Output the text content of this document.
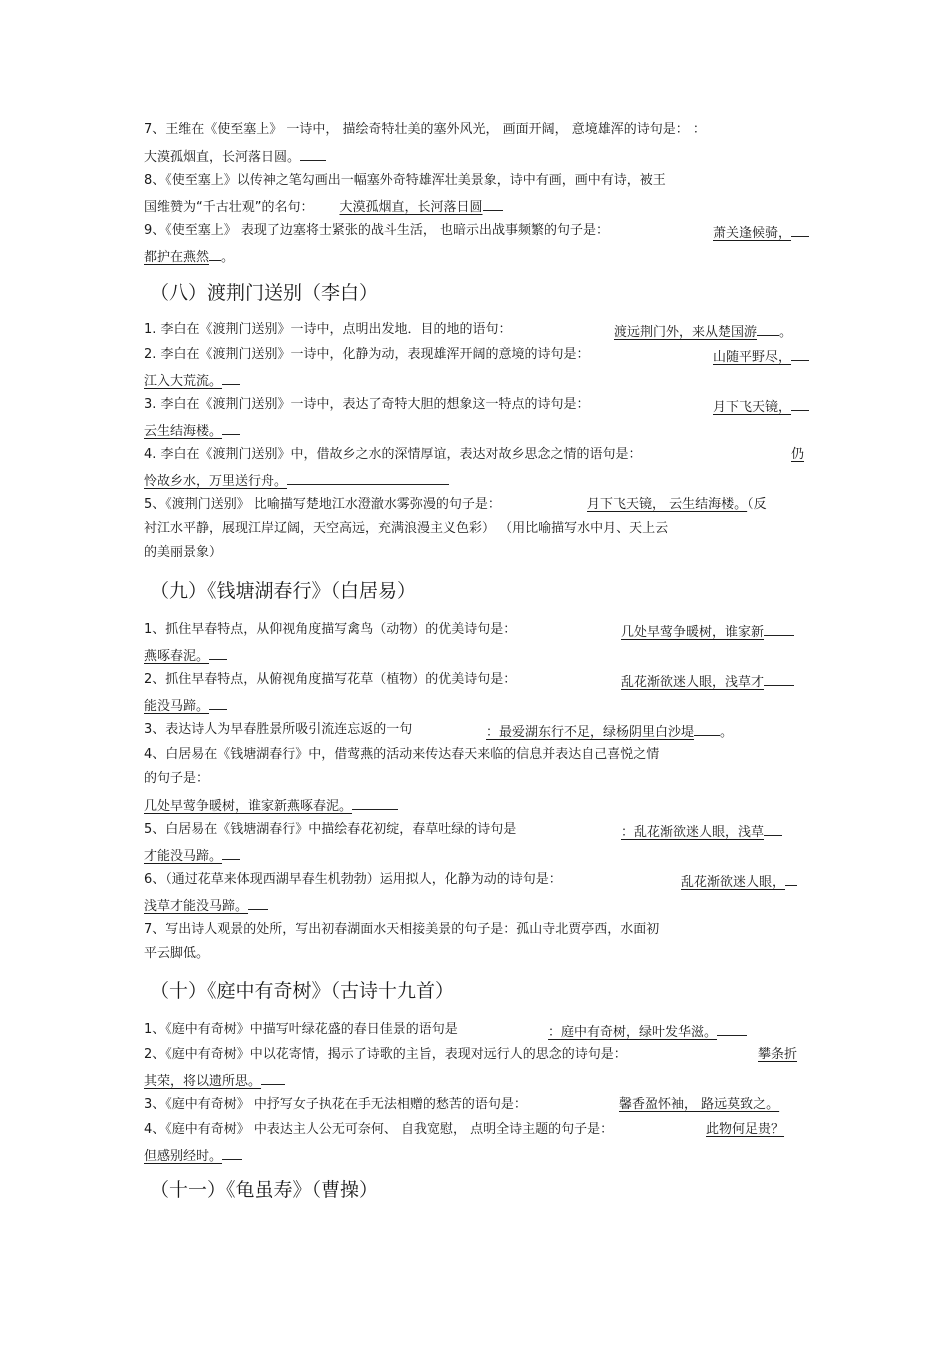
7、王维在《使至塞上》 一诗中， 描绘奇特壮美的塞外风光， 画面开阔， 意境雄浑的诗句是： ：
大漠孤烟直，长河落日圆。
8、《使至塞上》以传神之笔勾画出一幅塞外奇特雄浑壮美景象，诗中有画，画中有诗，被王
国维赞为“千古壮观”的名句： 大漠孤烟直，长河落日圆
9、《使至塞上》 表现了边塞将士紧张的战斗生活， 也暗示出战事频繁的句子是：	萧关逢候骑，
都护在燕然 。
（八）渡荆门送别（李白）
1. 李白在《渡荆门送别》一诗中，点明出发地．目的地的语句：	渡远荆门外，来从楚国游 。
2. 李白在《渡荆门送别》一诗中，化静为动，表现雄浑开阔的意境的诗句是：	山随平野尽，
江入大荒流。
3. 李白在《渡荆门送别》一诗中，表达了奇特大胆的想象这一特点的诗句是：	月下飞天镜，
云生结海楼。
4. 李白在《渡荆门送别》中，借故乡之水的深情厚谊，表达对故乡思念之情的语句是：	仍
怜故乡水，万里送行舟。
5、《渡荆门送别》 比喻描写楚地江水澄澈水雾弥漫的句子是：	月下飞天镜， 云生结海楼。（反
衬江水平静，展现江岸辽阔，天空高远，充满浪漫主义色彩） （用比喻描写水中月、天上云
的美丽景象）
（九）《钱塘湖春行》（白居易）
1、抓住早春特点，从仰视角度描写禽鸟（动物）的优美诗句是：	几处早莺争暖树，谁家新
燕啄春泥。
2、抓住早春特点，从俯视角度描写花草（植物）的优美诗句是：	乱花渐欲迷人眼，浅草才
能没马蹄。
3、表达诗人为早春胜景所吸引流连忘返的一句	：最爱湖东行不足，绿杨阴里白沙堤 。
4、白居易在《钱塘湖春行》中，借莺燕的活动来传达春天来临的信息并表达自己喜悦之情
的句子是：
几处早莺争暖树，谁家新燕啄春泥。
5、白居易在《钱塘湖春行》中描绘春花初绽，春草吐绿的诗句是	：乱花渐欲迷人眼，浅草
才能没马蹄。
6、（通过花草来体现西湖早春生机勃勃）运用拟人，化静为动的诗句是：	乱花渐欲迷人眼，
浅草才能没马蹄。
7、写出诗人观景的处所，写出初春湖面水天相接美景的句子是：孤山寺北贾亭西，水面初
平云脚低。
（十）《庭中有奇树》（古诗十九首）
1、《庭中有奇树》中描写叶绿花盛的春日佳景的语句是	：庭中有奇树，绿叶发华滋。
2、《庭中有奇树》中以花寄情，揭示了诗歌的主旨，表现对远行人的思念的诗句是：	攀条折
其荣，将以遗所思。
3、《庭中有奇树》 中抒写女子执花在手无法相赠的愁苦的语句是：	馨香盈怀袖， 路远莫致之。
4、《庭中有奇树》 中表达主人公无可奈何、 自我宽慰， 点明全诗主题的句子是：	此物何足贵？
但感别经时。
（十一）《龟虽寿》（曹操）
